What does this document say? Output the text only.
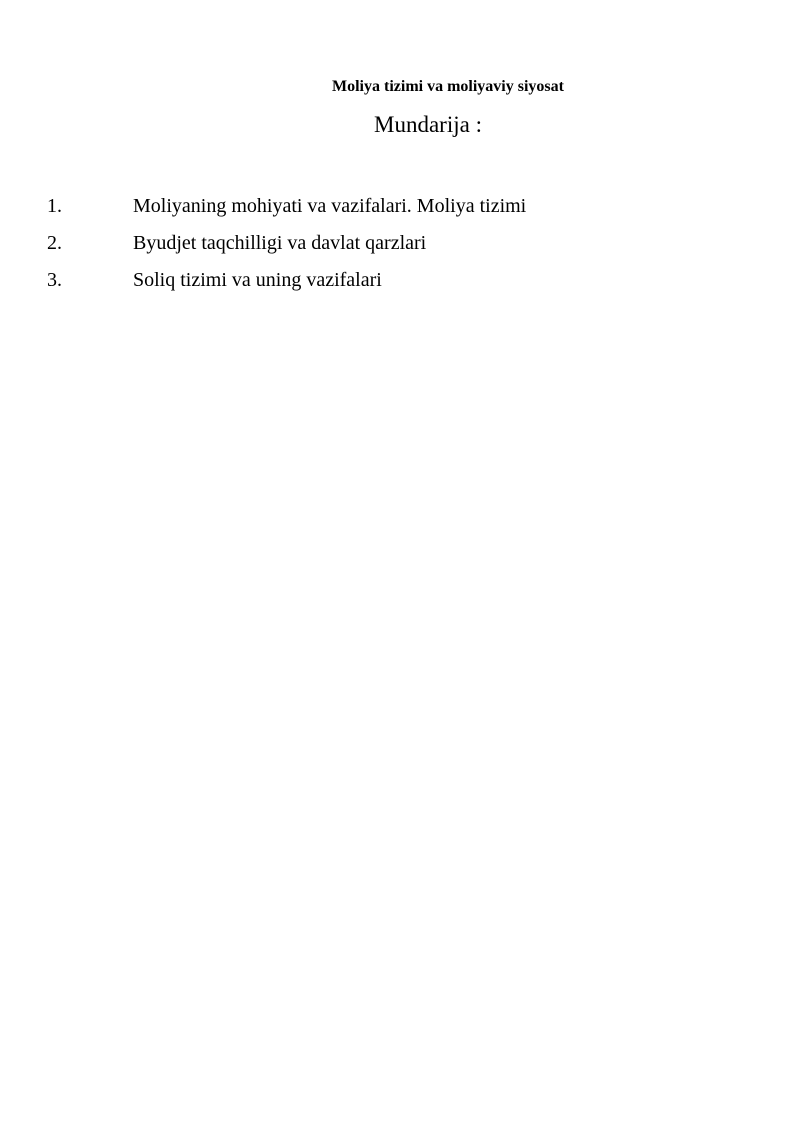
Moliya tizimi va moliyaviy siyosat
Mundarija :
1.	Moliyaning mohiyati va vazifalari. Moliya tizimi
2.	Byudjet taqchilligi va davlat qarzlari
3.	Soliq tizimi va uning vazifalari
